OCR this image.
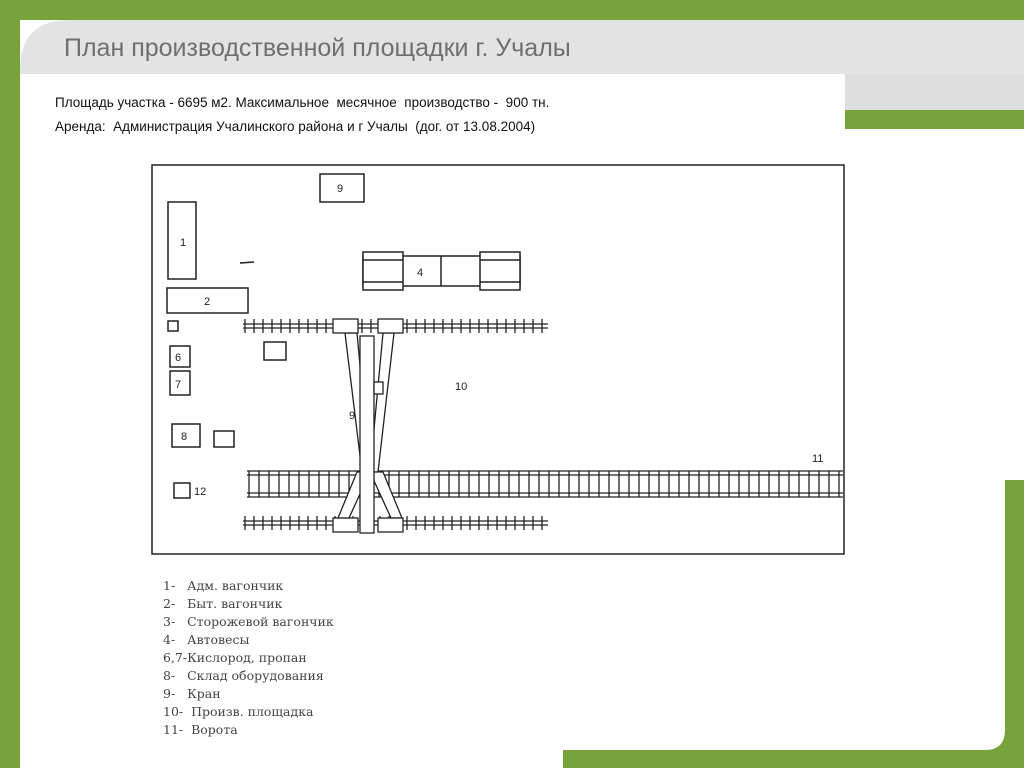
План производственной площадки г. Учалы
Площадь участка - 6695 м2. Максимальное  месячное  производство -  900 тн.
Аренда:  Администрация Учалинского района и г Учалы  (дог. от 13.08.2004)
9
1
2
4
6
7
8
9
10
11
12
1-   Адм. вагончик
2-   Быт. вагончик
3-   Сторожевой вагончик
4-   Автовесы
6,7-Кислород, пропан
8-   Склад оборудования
9-   Кран
10-  Произв. площадка
11-  Ворота
